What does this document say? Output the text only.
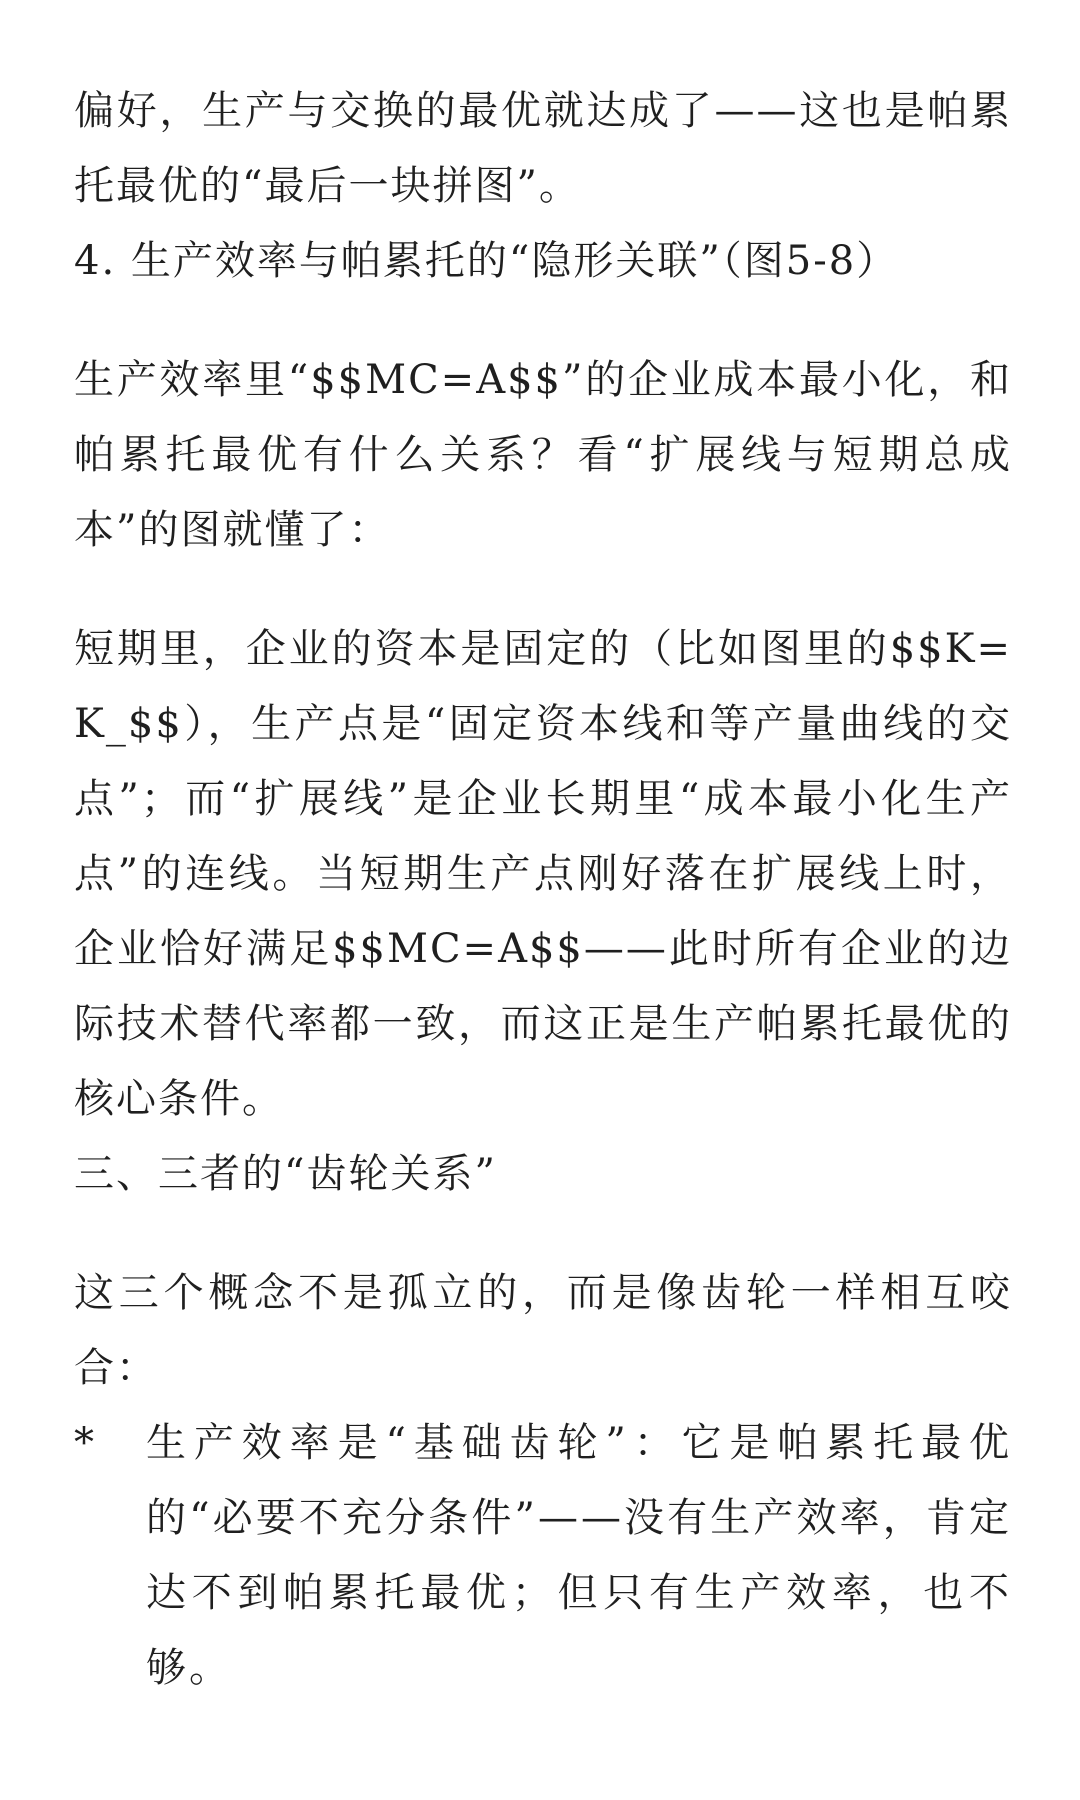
偏好，生产与交换的最优就达成了——这也是帕累托最优的“最后一块拼图”。

4. 生产效率与帕累托的“隐形关联”（图5-8）

生产效率里“$$MC=A$$”的企业成本最小化，和帕累托最优有什么关系？看“扩展线与短期总成本”的图就懂了：

短期里，企业的资本是固定的（比如图里的$$K=K_$$），生产点是“固定资本线和等产量曲线的交点”；而“扩展线”是企业长期里“成本最小化生产点”的连线。当短期生产点刚好落在扩展线上时，企业恰好满足$$MC=A$$——此时所有企业的边际技术替代率都一致，而这正是生产帕累托最优的核心条件。

三、三者的“齿轮关系”

这三个概念不是孤立的，而是像齿轮一样相互咬合：

* 生产效率是“基础齿轮”：它是帕累托最优的“必要不充分条件”——没有生产效率，肯定达不到帕累托最优；但只有生产效率，也不够。
